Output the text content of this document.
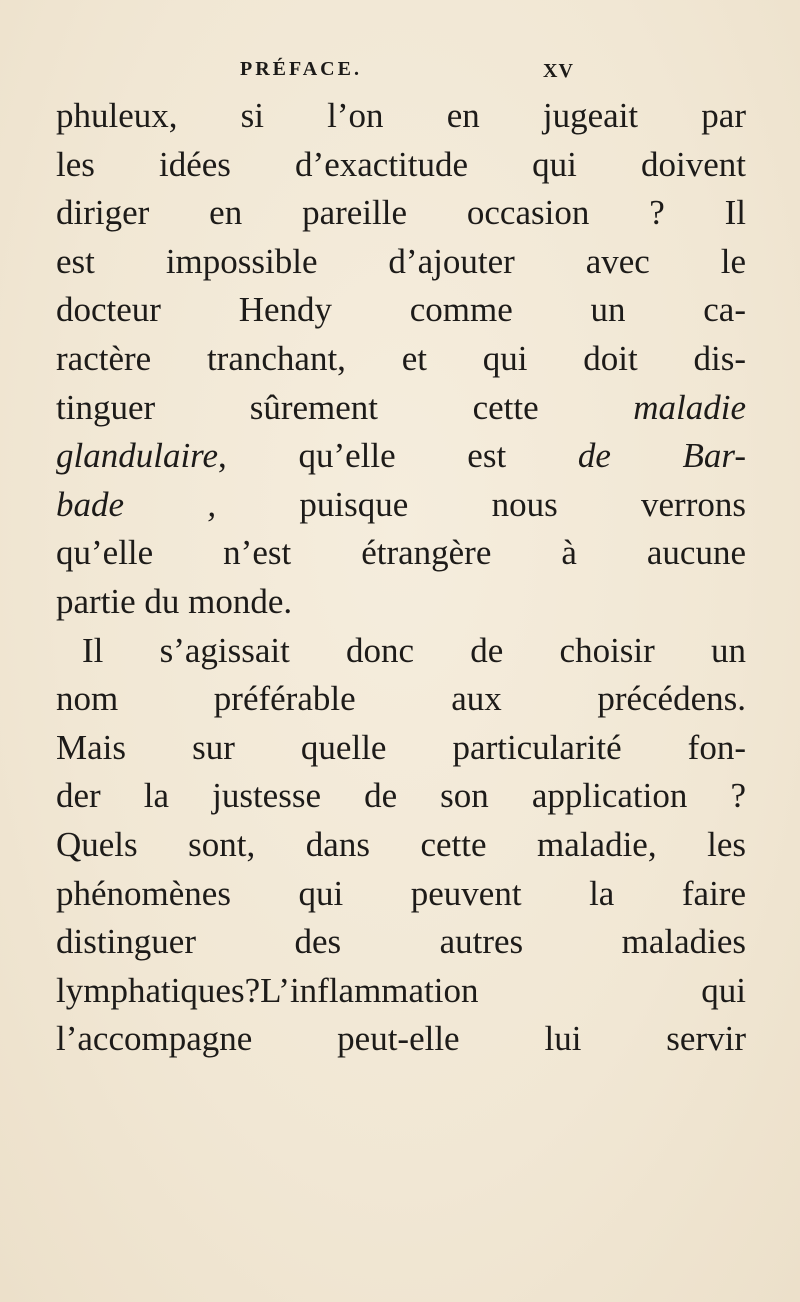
PRÉFACE.	XV
phuleux, si l’on en jugeait par
les idées d’exactitude qui doivent
diriger en pareille occasion ? Il
est impossible d’ajouter avec le
docteur Hendy comme un ca-
ractère tranchant, et qui doit dis-
tinguer sûrement cette maladie
glandulaire, qu’elle est de Bar-
bade , puisque nous verrons
qu’elle n’est étrangère à aucune
partie du monde.
Il s’agissait donc de choisir un
nom préférable aux précédens.
Mais sur quelle particularité fon-
der la justesse de son application ?
Quels sont, dans cette maladie, les
phénomènes qui peuvent la faire
distinguer des autres maladies
lymphatiques?L’inflammation qui
l’accompagne peut-elle lui servir
